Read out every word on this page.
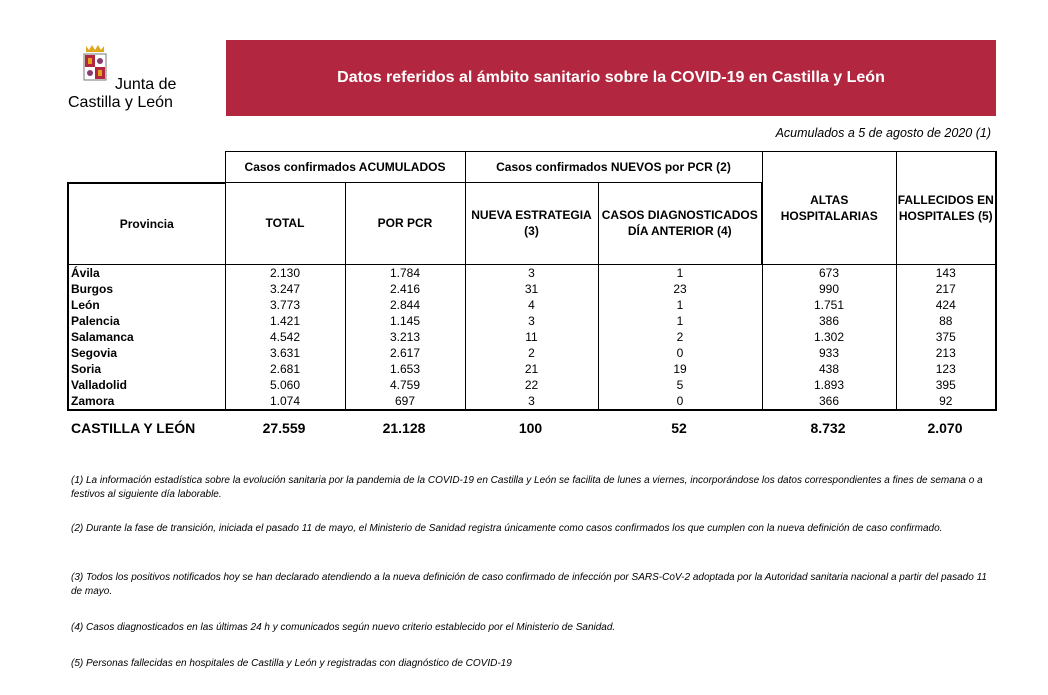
Junta de
Castilla y León
Datos referidos al ámbito sanitario sobre la COVID-19 en Castilla y León
Acumulados a 5 de agosto de 2020 (1)
	Casos confirmados ACUMULADOS		Casos confirmados NUEVOS por PCR (2)		ALTAS HOSPITALARIAS	FALLECIDOS EN HOSPITALES (5)
Provincia	TOTAL	POR PCR	NUEVA ESTRATEGIA (3)	CASOS DIAGNOSTICADOS DÍA ANTERIOR (4)		
Ávila	2.130	1.784	3	1	673	143
Burgos	3.247	2.416	31	23	990	217
León	3.773	2.844	4	1	1.751	424
Palencia	1.421	1.145	3	1	386	88
Salamanca	4.542	3.213	11	2	1.302	375
Segovia	3.631	2.617	2	0	933	213
Soria	2.681	1.653	21	19	438	123
Valladolid	5.060	4.759	22	5	1.893	395
Zamora	1.074	697	3	0	366	92
CASTILLA Y LEÓN	27.559	21.128	100	52	8.732	2.070
(1) La información estadística sobre la evolución sanitaria por la pandemia de la COVID-19 en Castilla y León se facilita de lunes a viernes, incorporándose los datos correspondientes a fines de semana o a festivos al siguiente día laborable.
(2) Durante la fase de transición, iniciada el pasado 11 de mayo, el Ministerio de Sanidad registra únicamente como casos confirmados los que cumplen con la nueva definición de caso confirmado.
(3) Todos los positivos notificados hoy se han declarado atendiendo a la nueva definición de caso confirmado de infección por SARS-CoV-2 adoptada por la Autoridad sanitaria nacional a partir del pasado 11 de mayo.
(4) Casos diagnosticados en las últimas 24 h y comunicados según nuevo criterio establecido por el Ministerio de Sanidad.
(5) Personas fallecidas en hospitales de Castilla y León y registradas con diagnóstico de COVID-19
